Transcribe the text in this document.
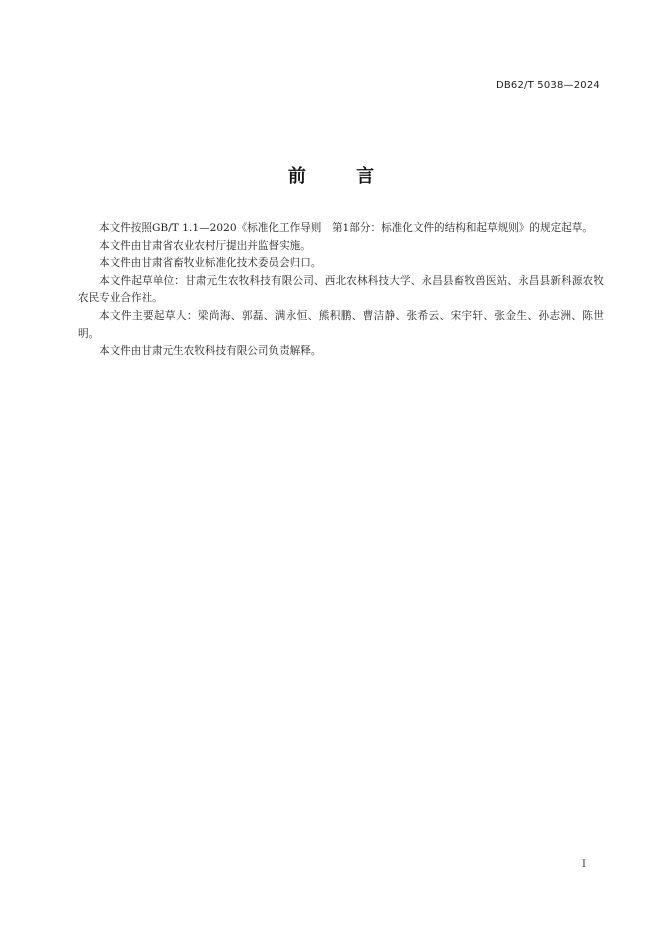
DB62/T 5038—2024
前 言

本文件按照GB/T 1.1—2020《标准化工作导则　第1部分：标准化文件的结构和起草规则》的规定起草。

本文件由甘肃省农业农村厅提出并监督实施。

本文件由甘肃省畜牧业标准化技术委员会归口。

本文件起草单位：甘肃元生农牧科技有限公司、西北农林科技大学、永昌县畜牧兽医站、永昌县新科源农牧农民专业合作社。

本文件主要起草人：梁尚海、郭磊、满永恒、熊积鹏、曹洁静、张希云、宋宇轩、张金生、孙志洲、陈世明。

本文件由甘肃元生农牧科技有限公司负责解释。

I
